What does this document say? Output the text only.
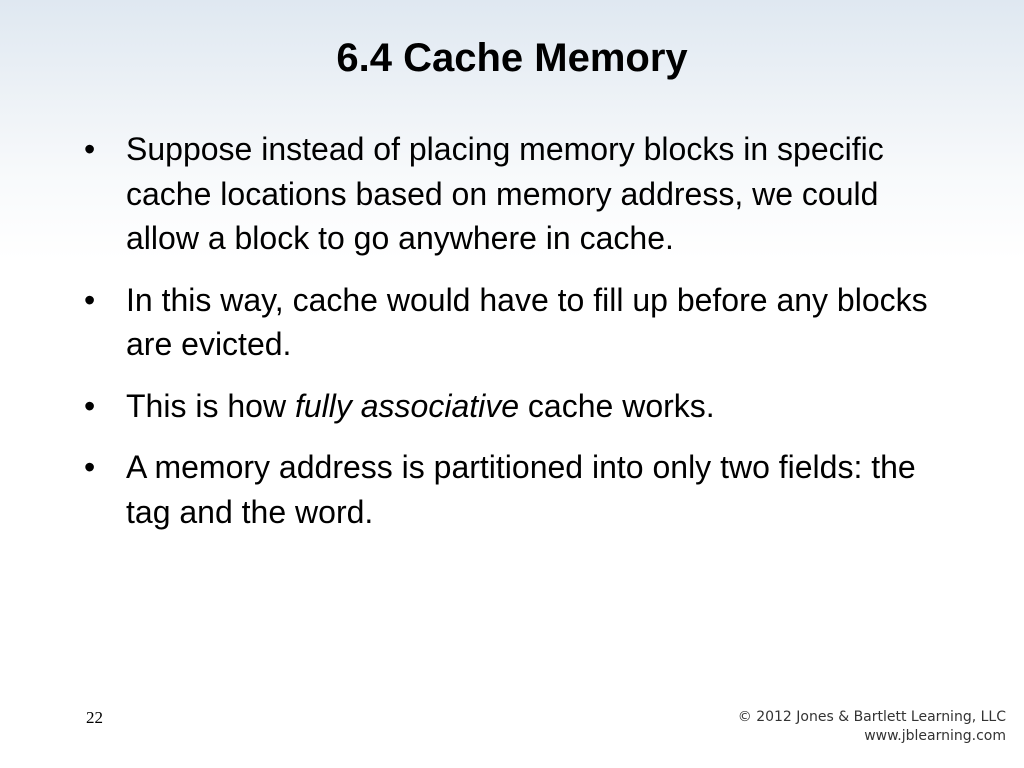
6.4 Cache Memory
• Suppose instead of placing memory blocks in specific cache locations based on memory address, we could allow a block to go anywhere in cache.
• In this way, cache would have to fill up before any blocks are evicted.
• This is how fully associative cache works.
• A memory address is partitioned into only two fields: the tag and the word.
22	© 2012 Jones & Bartlett Learning, LLC
www.jblearning.com
